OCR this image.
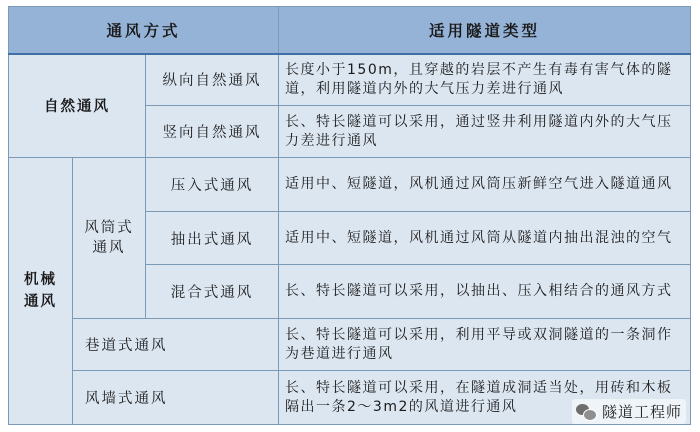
通风方式			适用隧道类型
自然通风		纵向自然通风	长度小于150m，且穿越的岩层不产生有毒有害气体的隧道，利用隧道内外的大气压力差进行通风
		竖向自然通风	长、特长隧道可以采用，通过竖井利用隧道内外的大气压力差进行通风
机械通风	风筒式通风	压入式通风	适用中、短隧道，风机通过风筒压新鲜空气进入隧道通风
		抽出式通风	适用中、短隧道，风机通过风筒从隧道内抽出混浊的空气
		混合式通风	长、特长隧道可以采用，以抽出、压入相结合的通风方式
	巷道式通风		长、特长隧道可以采用，利用平导或双洞隧道的一条洞作为巷道进行通风
	风墙式通风		长、特长隧道可以采用，在隧道成洞适当处，用砖和木板隔出一条2～3m2的风道进行通风	隧道工程师
